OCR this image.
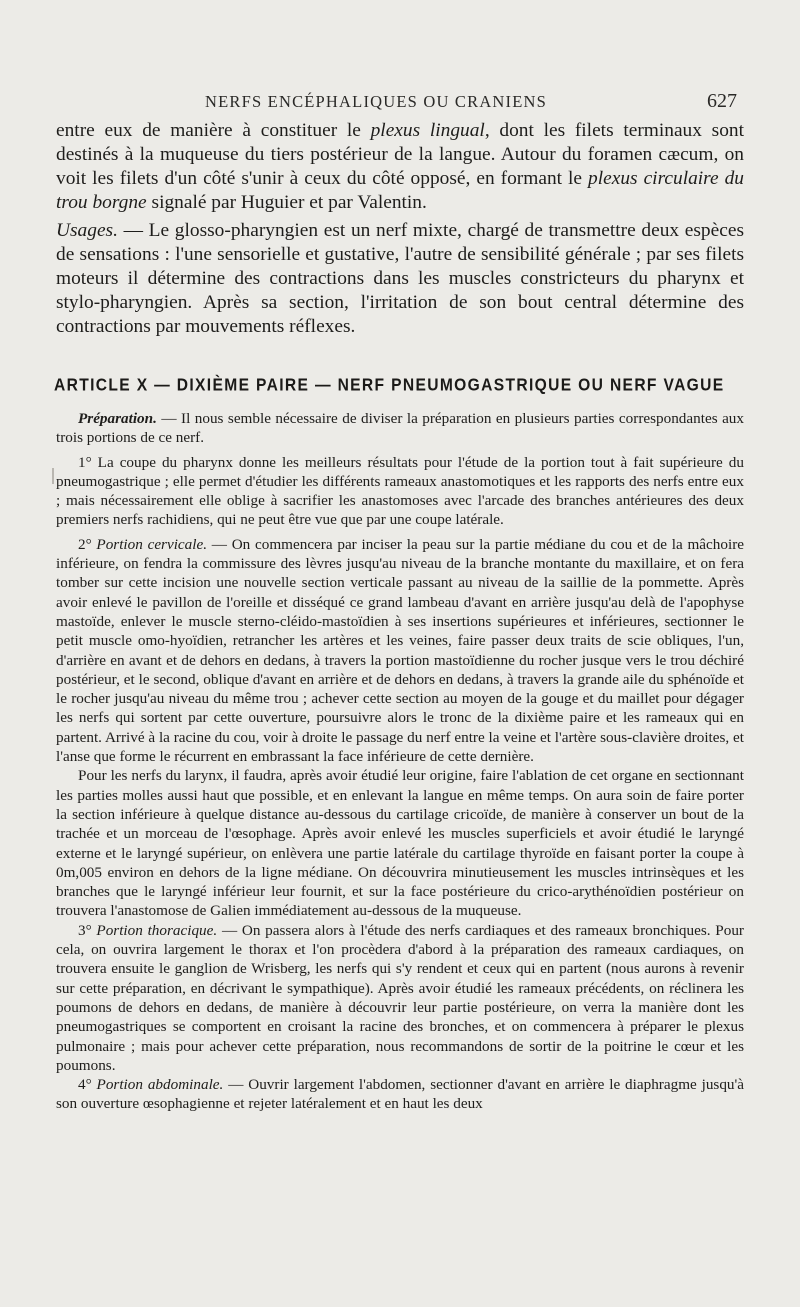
NERFS ENCÉPHALIQUES OU CRANIENS	627

entre eux de manière à constituer le plexus lingual, dont les filets terminaux sont destinés à la muqueuse du tiers postérieur de la langue. Autour du foramen cæcum, on voit les filets d'un côté s'unir à ceux du côté opposé, en formant le plexus circulaire du trou borgne signalé par Huguier et par Valentin.

Usages. — Le glosso-pharyngien est un nerf mixte, chargé de transmettre deux espèces de sensations : l'une sensorielle et gustative, l'autre de sensibilité générale ; par ses filets moteurs il détermine des contractions dans les muscles constricteurs du pharynx et stylo-pharyngien. Après sa section, l'irritation de son bout central détermine des contractions par mouvements réflexes.

ARTICLE X — DIXIÈME PAIRE — NERF PNEUMOGASTRIQUE OU NERF VAGUE

Préparation. — Il nous semble nécessaire de diviser la préparation en plusieurs parties correspondantes aux trois portions de ce nerf.

1° La coupe du pharynx donne les meilleurs résultats pour l'étude de la portion tout à fait supérieure du pneumogastrique ; elle permet d'étudier les différents rameaux anastomotiques et les rapports des nerfs entre eux ; mais nécessairement elle oblige à sacrifier les anastomoses avec l'arcade des branches antérieures des deux premiers nerfs rachidiens, qui ne peut être vue que par une coupe latérale.

2° Portion cervicale. — On commencera par inciser la peau sur la partie médiane du cou et de la mâchoire inférieure, on fendra la commissure des lèvres jusqu'au niveau de la branche montante du maxillaire, et on fera tomber sur cette incision une nouvelle section verticale passant au niveau de la saillie de la pommette. Après avoir enlevé le pavillon de l'oreille et disséqué ce grand lambeau d'avant en arrière jusqu'au delà de l'apophyse mastoïde, enlever le muscle sterno-cléido-mastoïdien à ses insertions supérieures et inférieures, sectionner le petit muscle omo-hyoïdien, retrancher les artères et les veines, faire passer deux traits de scie obliques, l'un, d'arrière en avant et de dehors en dedans, à travers la portion mastoïdienne du rocher jusque vers le trou déchiré postérieur, et le second, oblique d'avant en arrière et de dehors en dedans, à travers la grande aile du sphénoïde et le rocher jusqu'au niveau du même trou ; achever cette section au moyen de la gouge et du maillet pour dégager les nerfs qui sortent par cette ouverture, poursuivre alors le tronc de la dixième paire et les rameaux qui en partent. Arrivé à la racine du cou, voir à droite le passage du nerf entre la veine et l'artère sous-clavière droites, et l'anse que forme le récurrent en embrassant la face inférieure de cette dernière.

Pour les nerfs du larynx, il faudra, après avoir étudié leur origine, faire l'ablation de cet organe en sectionnant les parties molles aussi haut que possible, et en enlevant la langue en même temps. On aura soin de faire porter la section inférieure à quelque distance au-dessous du cartilage cricoïde, de manière à conserver un bout de la trachée et un morceau de l'œsophage. Après avoir enlevé les muscles superficiels et avoir étudié le laryngé externe et le laryngé supérieur, on enlèvera une partie latérale du cartilage thyroïde en faisant porter la coupe à 0m,005 environ en dehors de la ligne médiane. On découvrira minutieusement les muscles intrinsèques et les branches que le laryngé inférieur leur fournit, et sur la face postérieure du crico-arythénoïdien postérieur on trouvera l'anastomose de Galien immédiatement au-dessous de la muqueuse.

3° Portion thoracique. — On passera alors à l'étude des nerfs cardiaques et des rameaux bronchiques. Pour cela, on ouvrira largement le thorax et l'on procèdera d'abord à la préparation des rameaux cardiaques, on trouvera ensuite le ganglion de Wrisberg, les nerfs qui s'y rendent et ceux qui en partent (nous aurons à revenir sur cette préparation, en décrivant le sympathique). Après avoir étudié les rameaux précédents, on réclinera les poumons de dehors en dedans, de manière à découvrir leur partie postérieure, on verra la manière dont les pneumogastriques se comportent en croisant la racine des bronches, et on commencera à préparer le plexus pulmonaire ; mais pour achever cette préparation, nous recommandons de sortir de la poitrine le cœur et les poumons.

4° Portion abdominale. — Ouvrir largement l'abdomen, sectionner d'avant en arrière le diaphragme jusqu'à son ouverture œsophagienne et rejeter latéralement et en haut les deux
